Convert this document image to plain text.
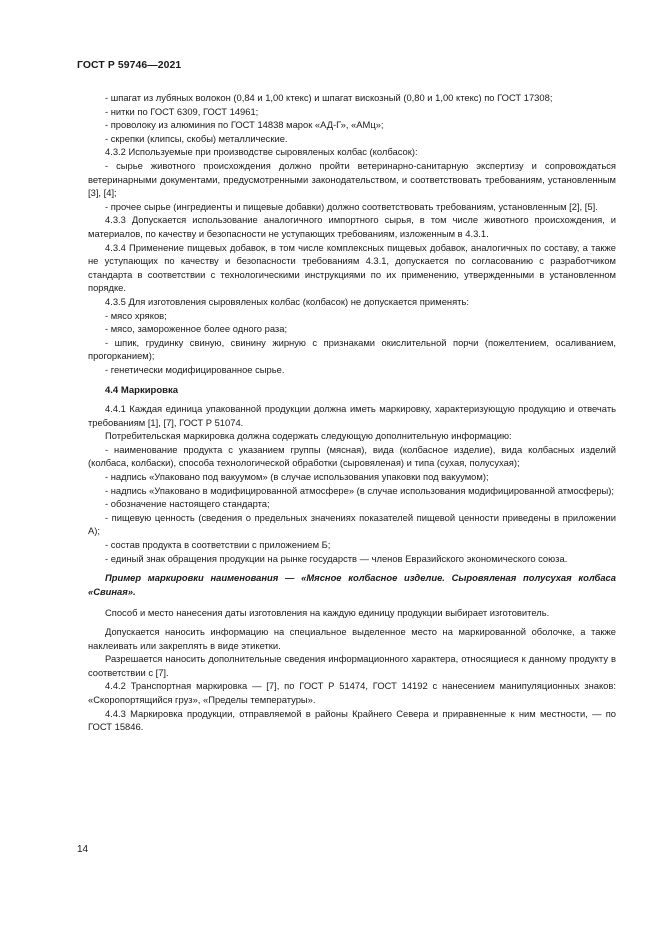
ГОСТ Р 59746—2021

- шпагат из лубяных волокон (0,84 и 1,00 ктекс) и шпагат вискозный (0,80 и 1,00 ктекс) по ГОСТ 17308;

- нитки по ГОСТ 6309, ГОСТ 14961;

- проволоку из алюминия по ГОСТ 14838 марок «АД-Г», «АМц»;

- скрепки (клипсы, скобы) металлические.

4.3.2 Используемые при производстве сыровяленых колбас (колбасок):

- сырье животного происхождения должно пройти ветеринарно-санитарную экспертизу и сопровождаться ветеринарными документами, предусмотренными законодательством, и соответствовать требованиям, установленным [3], [4];

- прочее сырье (ингредиенты и пищевые добавки) должно соответствовать требованиям, установленным [2], [5].

4.3.3 Допускается использование аналогичного импортного сырья, в том числе животного происхождения, и материалов, по качеству и безопасности не уступающих требованиям, изложенным в 4.3.1.

4.3.4 Применение пищевых добавок, в том числе комплексных пищевых добавок, аналогичных по составу, а также не уступающих по качеству и безопасности требованиям 4.3.1, допускается по согласованию с разработчиком стандарта в соответствии с технологическими инструкциями по их применению, утвержденными в установленном порядке.

4.3.5 Для изготовления сыровяленых колбас (колбасок) не допускается применять:

- мясо хряков;

- мясо, замороженное более одного раза;

- шпик, грудинку свиную, свинину жирную с признаками окислительной порчи (пожелтением, осаливанием, прогорканием);

- генетически модифицированное сырье.

4.4 Маркировка

4.4.1 Каждая единица упакованной продукции должна иметь маркировку, характеризующую продукцию и отвечать требованиям [1], [7], ГОСТ Р 51074.

Потребительская маркировка должна содержать следующую дополнительную информацию:

- наименование продукта с указанием группы (мясная), вида (колбасное изделие), вида колбасных изделий (колбаса, колбаски), способа технологической обработки (сыровяленая) и типа (сухая, полусухая);

- надпись «Упаковано под вакуумом» (в случае использования упаковки под вакуумом);

- надпись «Упаковано в модифицированной атмосфере» (в случае использования модифицированной атмосферы);

- обозначение настоящего стандарта;

- пищевую ценность (сведения о предельных значениях показателей пищевой ценности приведены в приложении А);

- состав продукта в соответствии с приложением Б;

- единый знак обращения продукции на рынке государств — членов Евразийского экономического союза.

Пример маркировки наименования — «Мясное колбасное изделие. Сыровяленая полусухая колбаса «Свиная».

Способ и место нанесения даты изготовления на каждую единицу продукции выбирает изготовитель.

Допускается наносить информацию на специальное выделенное место на маркированной оболочке, а также наклеивать или закреплять в виде этикетки.

Разрешается наносить дополнительные сведения информационного характера, относящиеся к данному продукту в соответствии с [7].

4.4.2 Транспортная маркировка — [7], по ГОСТ Р 51474, ГОСТ 14192 с нанесением манипуляционных знаков: «Скоропортящийся груз», «Пределы температуры».

4.4.3 Маркировка продукции, отправляемой в районы Крайнего Севера и приравненные к ним местности, — по ГОСТ 15846.

14
